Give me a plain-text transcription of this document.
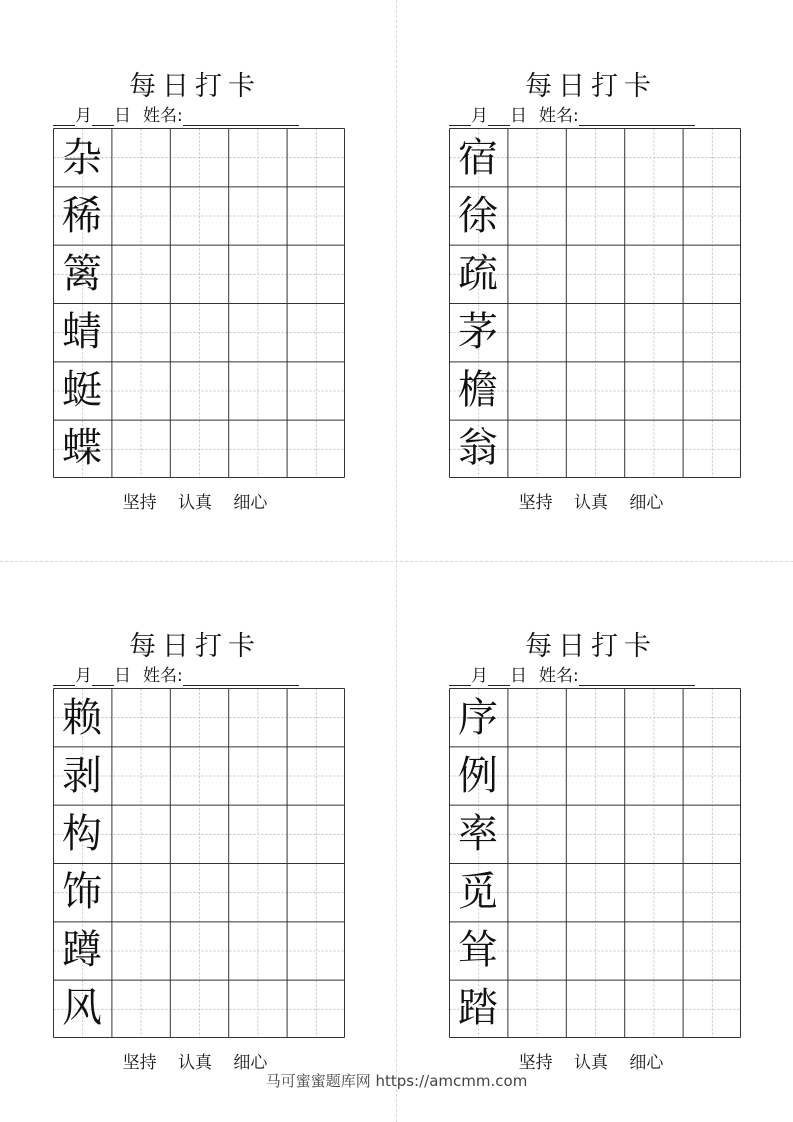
每日打卡
月 日 姓名:
杂
稀
篱
蜻
蜓
蝶
坚持 认真 细心
每日打卡
月 日 姓名:
宿
徐
疏
茅
檐
翁
坚持 认真 细心
每日打卡
月 日 姓名:
赖
剥
构
饰
蹲
风
坚持 认真 细心
每日打卡
月 日 姓名:
序
例
率
觅
耸
踏
坚持 认真 细心
马可蜜蜜题库网 https://amcmm.com
